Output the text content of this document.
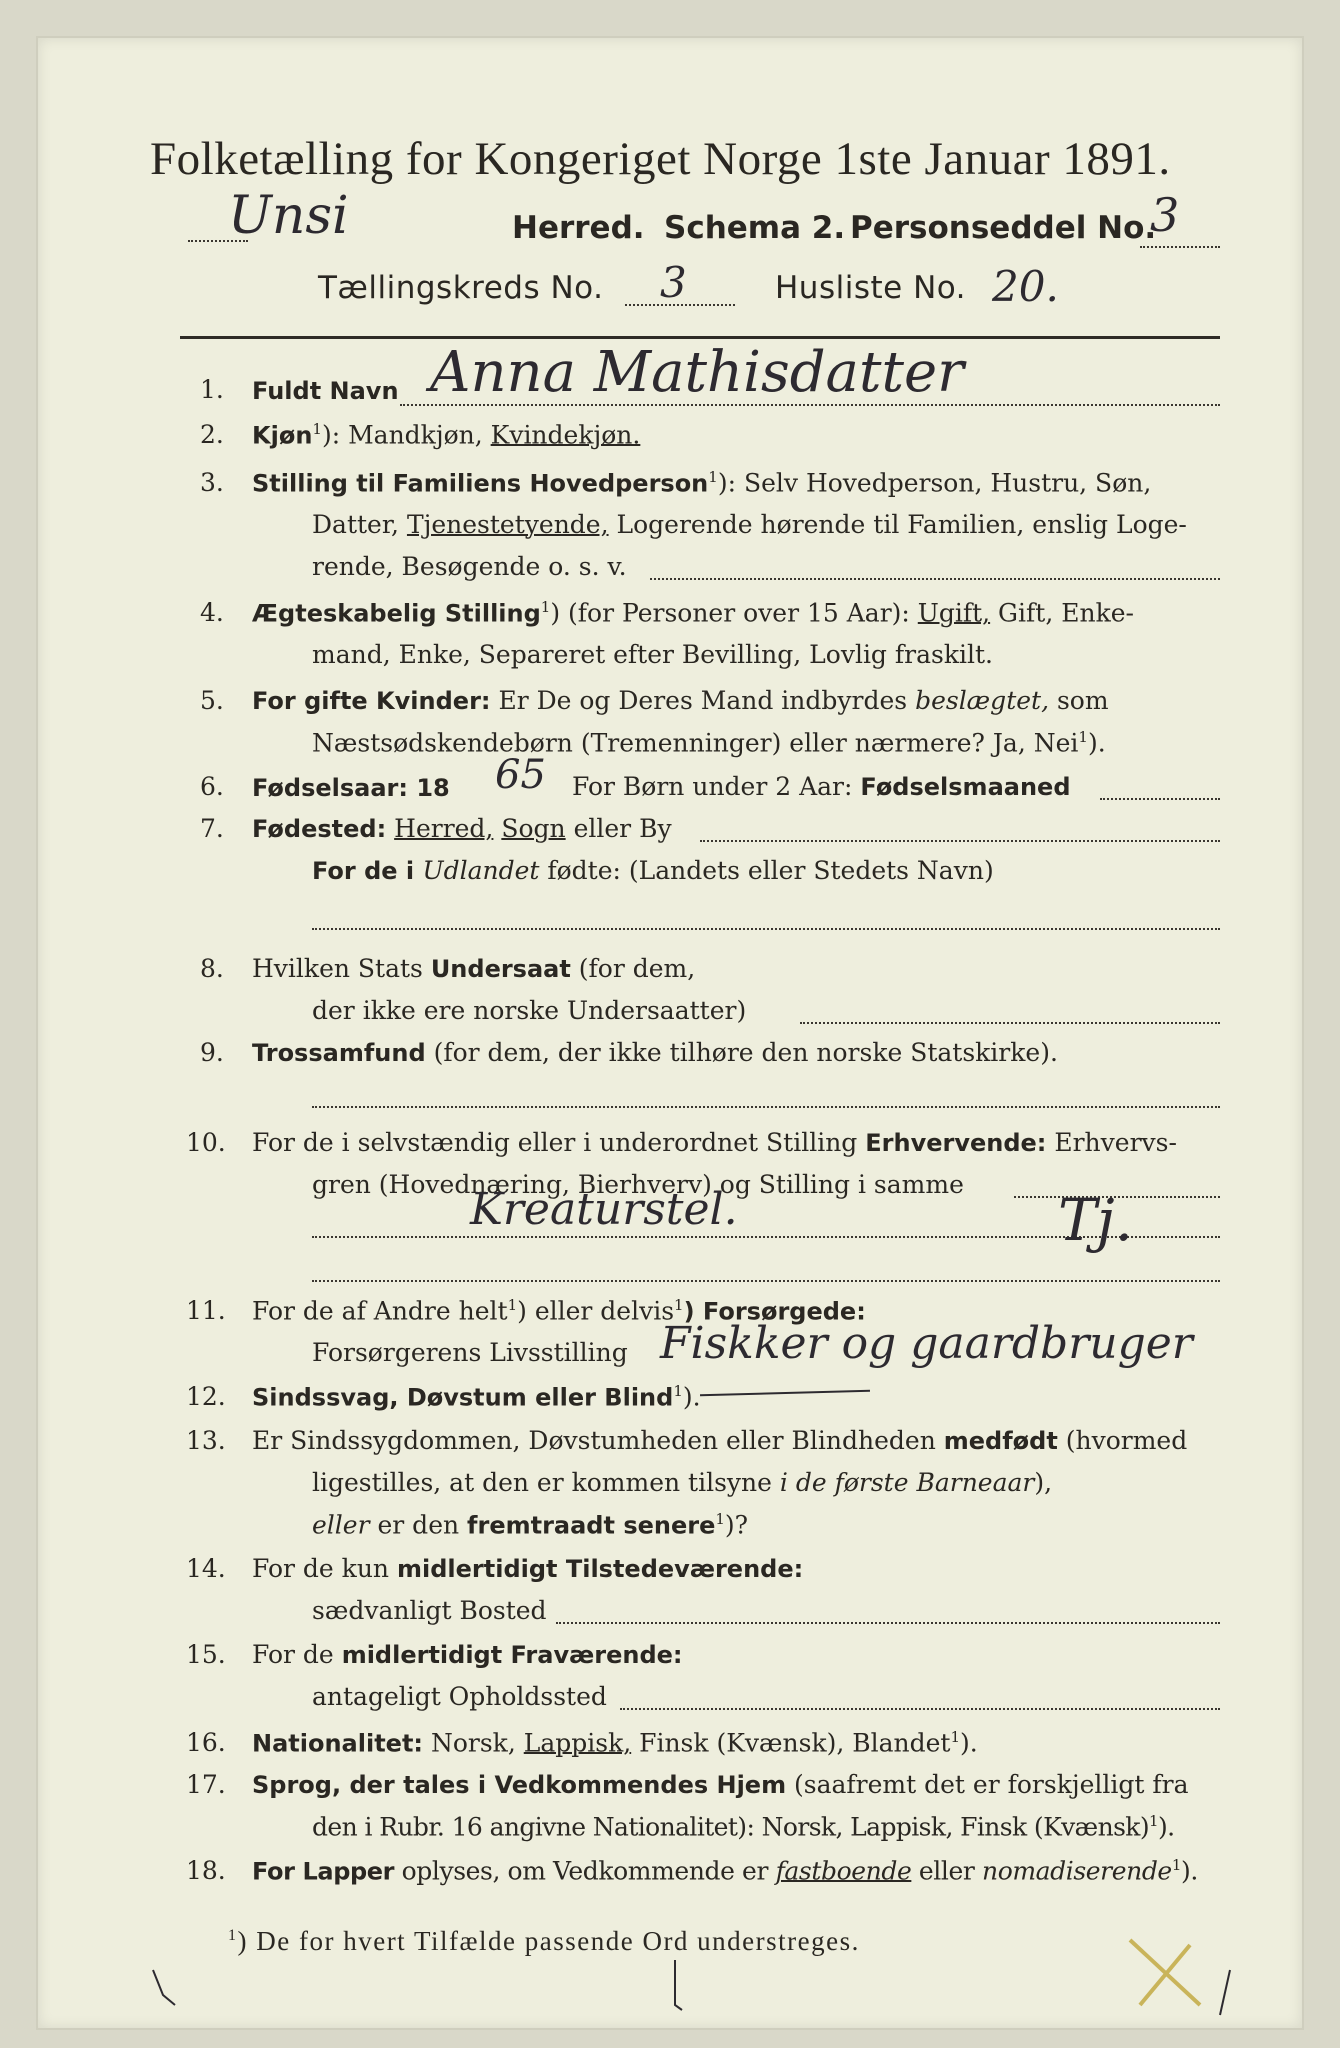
Folketælling for Kongeriget Norge 1ste Januar 1891.
Unsi	Herred. Schema 2. Personseddel No.
3
Tællingskreds No. 3	Husliste No. 20.
1. Fuldt Navn Anna Mathisdatter
2. Kjøn$^1$): Mandkjøn, Kvindekjøn.
3. Stilling til Familiens Hovedperson$^1$): Selv Hovedperson, Hustru, Søn,
Datter, Tjenestetyende, Logerende hørende til Familien, enslig Loge-
rende, Besøgende o. s. v.
4. Ægteskabelig Stilling$^1$) (for Personer over 15 Aar): Ugift, Gift, Enke-
mand, Enke, Separeret efter Bevilling, Lovlig fraskilt.
5. For gifte Kvinder: Er De og Deres Mand indbyrdes beslægtet, som
Næstsødskendebørn (Tremenninger) eller nærmere? Ja, Nei$^1$).
6. Fødselsaar: 18 65 For Børn under 2 Aar: Fødselsmaaned
7. Fødested: Herred, Sogn eller By
For de i Udlandet fødte: (Landets eller Stedets Navn)
8. Hvilken Stats Undersaat (for dem,
der ikke ere norske Undersaatter)
9. Trossamfund (for dem, der ikke tilhøre den norske Statskirke).
10. For de i selvstændig eller i underordnet Stilling Erhvervende: Erhvervs-
gren (Hovednæring, Bierhverv) og Stilling i samme
Kreaturstel.	Tj.
11. For de af Andre helt$^1$) eller delvis$^1$) Forsørgede:
Forsørgerens Livsstilling Fiskker og gaardbruger
12. Sindssvag, Døvstum eller Blind$^1$).
13. Er Sindssygdommen, Døvstumheden eller Blindheden medfødt (hvormed
ligestilles, at den er kommen tilsyne i de første Barneaar),
eller er den fremtraadt senere$^1$)?
14. For de kun midlertidigt Tilstedeværende:
sædvanligt Bosted
15. For de midlertidigt Fraværende:
antageligt Opholdssted
16. Nationalitet: Norsk, Lappisk, Finsk (Kvænsk), Blandet$^1$).
17. Sprog, der tales i Vedkommendes Hjem (saafremt det er forskjelligt fra
den i Rubr. 16 angivne Nationalitet): Norsk, Lappisk, Finsk (Kvænsk)$^1$).
18. For Lapper oplyses, om Vedkommende er fastboende eller nomadiserende$^1$).
$^1$) De for hvert Tilfælde passende Ord understreges.
